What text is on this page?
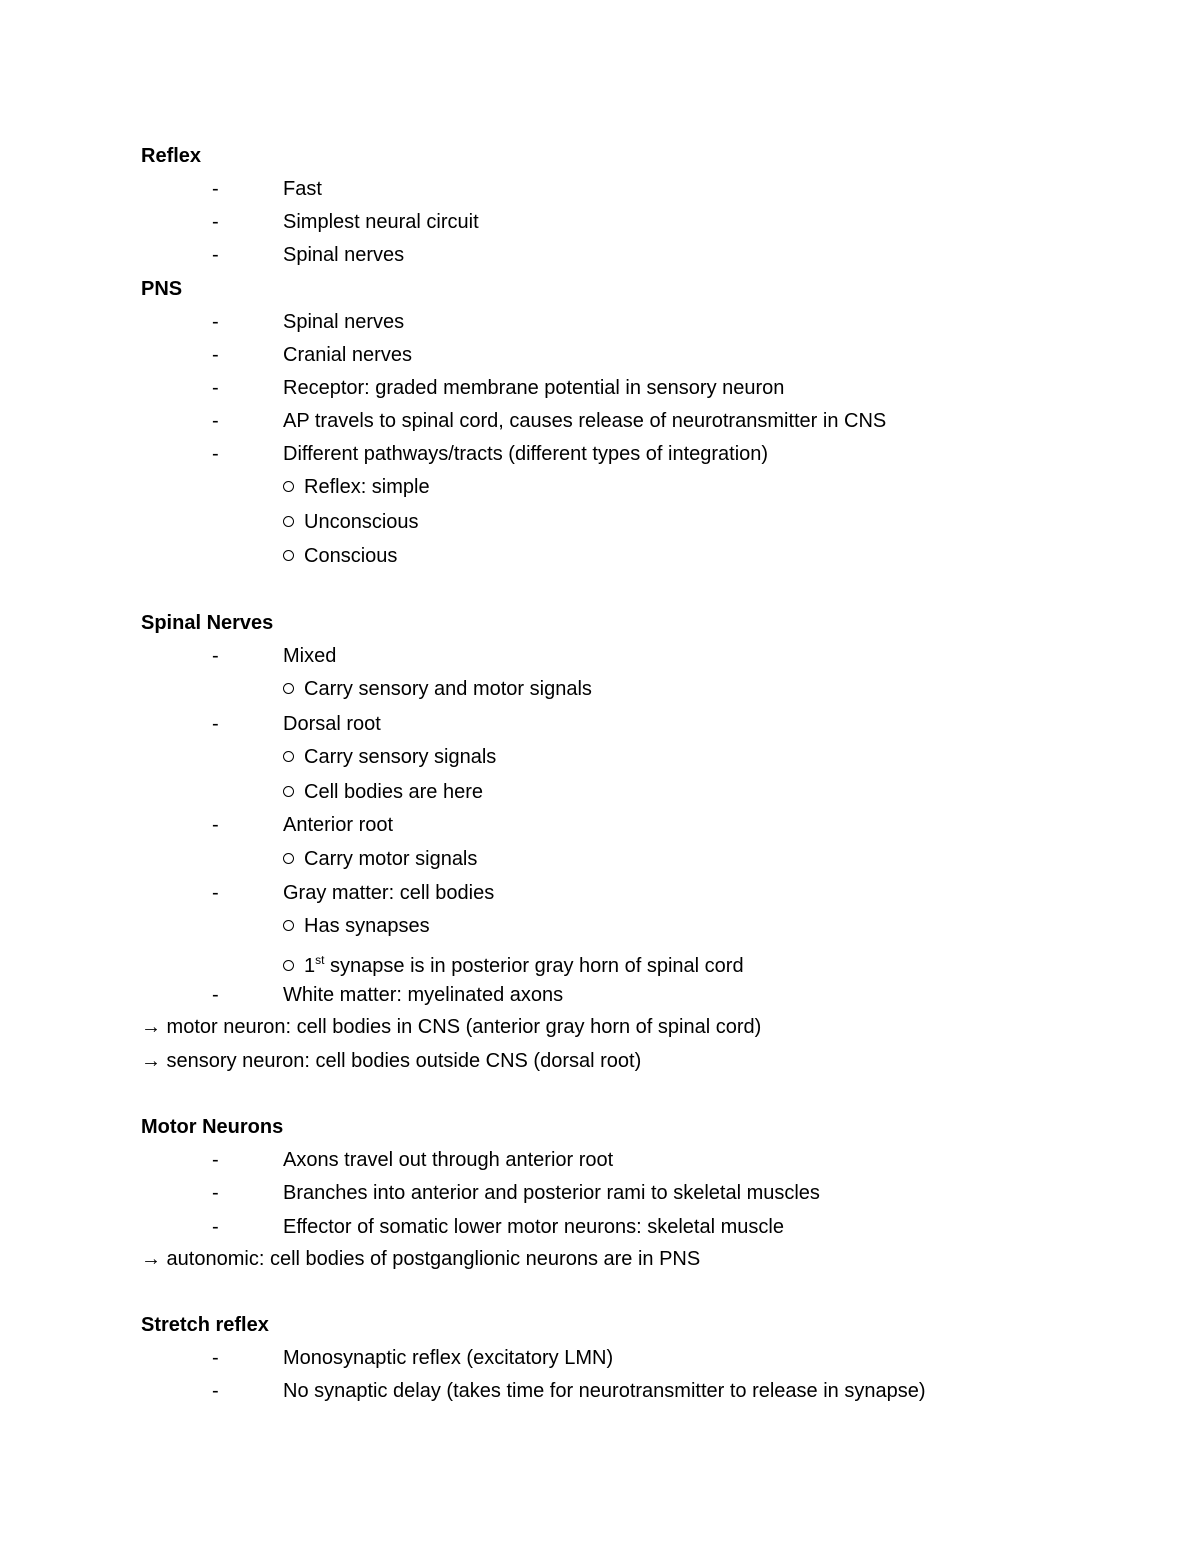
Reflex
-	Fast
-	Simplest neural circuit
-	Spinal nerves
PNS
-	Spinal nerves
-	Cranial nerves
-	Receptor: graded membrane potential in sensory neuron
-	AP travels to spinal cord, causes release of neurotransmitter in CNS
-	Different pathways/tracts (different types of integration)
Reflex: simple
Unconscious
Conscious
Spinal Nerves
-	Mixed
Carry sensory and motor signals
-	Dorsal root
Carry sensory signals
Cell bodies are here
-	Anterior root
Carry motor signals
-	Gray matter: cell bodies
Has synapses
1st synapse is in posterior gray horn of spinal cord
-	White matter: myelinated axons
→ motor neuron: cell bodies in CNS (anterior gray horn of spinal cord)
→ sensory neuron: cell bodies outside CNS (dorsal root)
Motor Neurons
-	Axons travel out through anterior root
-	Branches into anterior and posterior rami to skeletal muscles
-	Effector of somatic lower motor neurons: skeletal muscle
→ autonomic: cell bodies of postganglionic neurons are in PNS
Stretch reflex
-	Monosynaptic reflex (excitatory LMN)
-	No synaptic delay (takes time for neurotransmitter to release in synapse)
